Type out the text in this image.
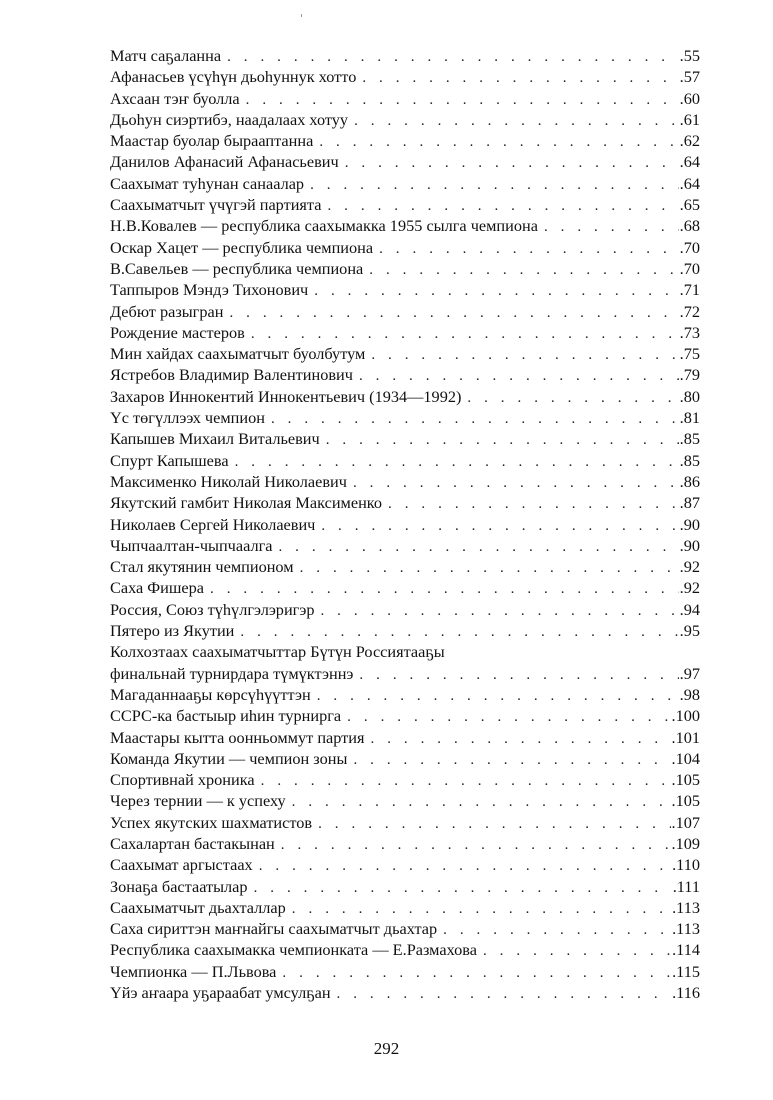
Матч саҕаланна . . .	.55
Афанасьев үсүһүн дьоһуннук хотто . . .	.57
Ахсаан тэҥ буолла . . .	.60
Дьоһун сиэртибэ, наадалаах хотуу . . .	.61
Маастар буолар бырааптанна . . .	.62
Данилов Афанасий Афанасьевич . . .	.64
Саахымат туһунан санаалар . . .	.64
Саахыматчыт үчүгэй партията . . .	.65
Н.В.Ковалев — республика саахымакка 1955 сылга чемпиона . . .	.68
Оскар Хацет — республика чемпиона . . .	.70
В.Савельев — республика чемпиона . . .	.70
Таппыров Мэндэ Тихонович . . .	.71
Дебют разыгран . . .	.72
Рождение мастеров . . .	.73
Мин хайдах саахыматчыт буолбутум . . .	.75
Ястребов Владимир Валентинович . . .	.79
Захаров Иннокентий Иннокентьевич (1934—1992) . . .	.80
Үс төгүллээх чемпион . . .	.81
Капышев Михаил Витальевич . . .	.85
Спурт Капышева . . .	.85
Максименко Николай Николаевич . . .	.86
Якутский гамбит Николая Максименко . . .	.87
Николаев Сергей Николаевич . . .	.90
Чыпчаалтан-чыпчаалга . . .	.90
Стал якутянин чемпионом . . .	.92
Саха Фишера . . .	.92
Россия, Союз түһүлгэлэригэр . . .	.94
Пятеро из Якутии . . .	.95
Колхозтаах саахыматчыттар Бүтүн Россиятааҕы
финальнай турнирдара түмүктэннэ . . .	.97
Магаданнааҕы көрсүһүүттэн . . .	.98
ССРС-ка бастыыр иһин турнирга . . .	.100
Маастары кытта оонньоммут партия . . .	.101
Команда Якутии — чемпион зоны . . .	.104
Спортивнай хроника . . .	.105
Через тернии — к успеху . . .	.105
Успех якутских шахматистов . . .	.107
Сахалартан бастакынан . . .	.109
Саахымат аргыстаах . . .	.110
Зонаҕа бастаатылар . . .	.111
Саахыматчыт дьахталлар . . .	.113
Саха сириттэн маҥнайгы саахыматчыт дьахтар . . .	.113
Республика саахымакка чемпионката — Е.Размахова . . .	.114
Чемпионка — П.Львова . . .	.115
Үйэ аҥаара уҕараабат умсулҕан . . .	.116
292
